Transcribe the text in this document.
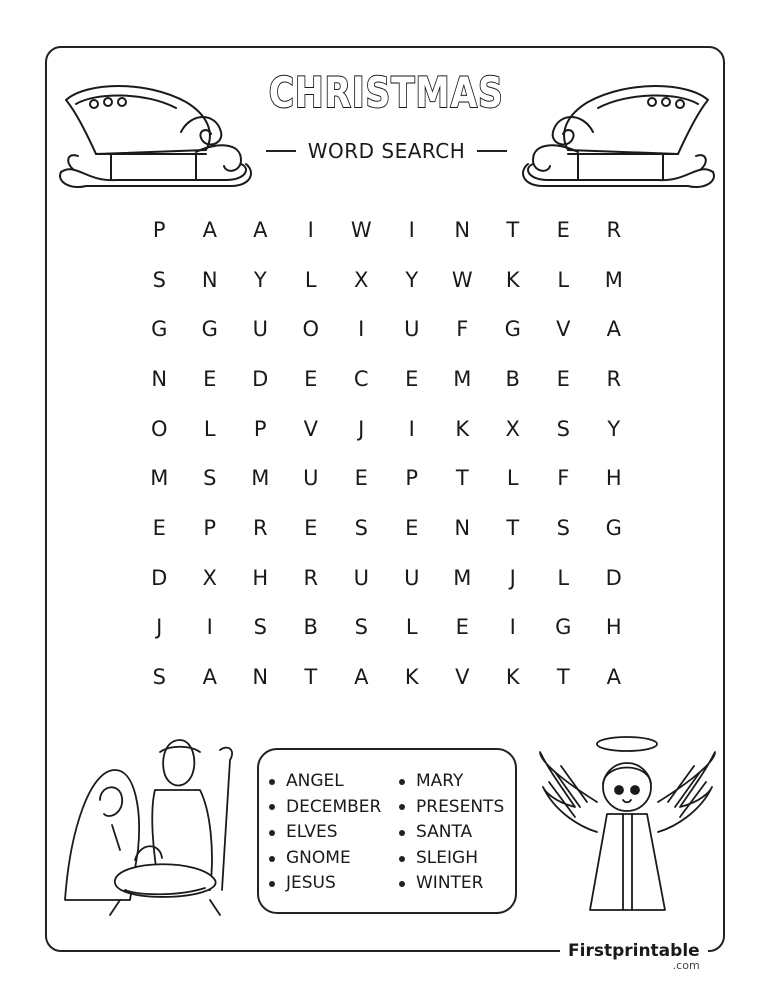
CHRISTMAS
WORD SEARCH
P	A	A	I	W	I	N	T	E	R
S	N	Y	L	X	Y	W	K	L	M
G	G	U	O	I	U	F	G	V	A
N	E	D	E	C	E	M	B	E	R
O	L	P	V	J	I	K	X	S	Y
M	S	M	U	E	P	T	L	F	H
E	P	R	E	S	E	N	T	S	G
D	X	H	R	U	U	M	J	L	D
J	I	S	B	S	L	E	I	G	H
S	A	N	T	A	K	V	K	T	A
ANGEL
DECEMBER
ELVES
GNOME
JESUS
MARY
PRESENTS
SANTA
SLEIGH
WINTER
Firstprintable
.com
